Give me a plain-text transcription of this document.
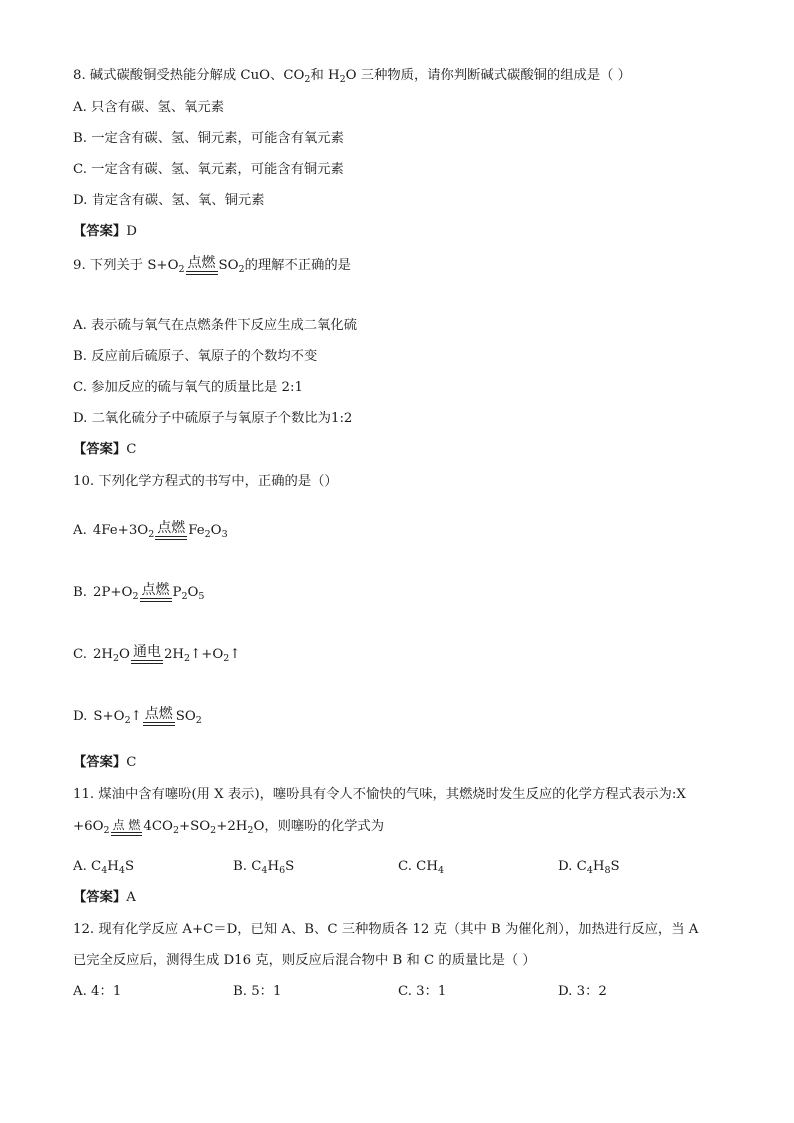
8. 碱式碳酸铜受热能分解成 CuO、$CO_2$和 $H_2O$ 三种物质，请你判断碱式碳酸铜的组成是（ ）
A. 只含有碳、氢、氧元素
B. 一定含有碳、氢、铜元素，可能含有氧元素
C. 一定含有碳、氢、氧元素，可能含有铜元素
D. 肯定含有碳、氢、氧、铜元素
【答案】D
9. 下列关于 $S+O_2$ 点燃 $SO_2$的理解不正确的是
A. 表示硫与氧气在点燃条件下反应生成二氧化硫
B. 反应前后硫原子、氧原子的个数均不变
C. 参加反应的硫与氧气的质量比是 2:1
D. 二氧化硫分子中硫原子与氧原子个数比为1:2
【答案】C
10. 下列化学方程式的书写中，正确的是（）
A. $4Fe+3O_2$ 点燃 $Fe_2O_3$
B. $2P+O_2$ 点燃 $P_2O_5$
C. $2H_2O$ 通电 $2H_2↑+O_2↑$
D. $S+O_2↑$ 点燃 $SO_2$
【答案】C
11. 煤油中含有噻吩(用 X 表示)，噻吩具有令人不愉快的气味，其燃烧时发生反应的化学方程式表示为:X
$+6O_2$ 点 燃 $4CO_2+SO_2+2H_2O$，则噻吩的化学式为
A. $C_4H_4S$	B. $C_4H_6S$	C. $CH_4$	D. $C_4H_8S$
【答案】A
12. 现有化学反应 A+C＝D，已知 A、B、C 三种物质各 12 克（其中 B 为催化剂），加热进行反应，当 A
已完全反应后，测得生成 D16 克，则反应后混合物中 B 和 C 的质量比是（ ）
A. 4：1	B. 5：1	C. 3：1	D. 3：2
